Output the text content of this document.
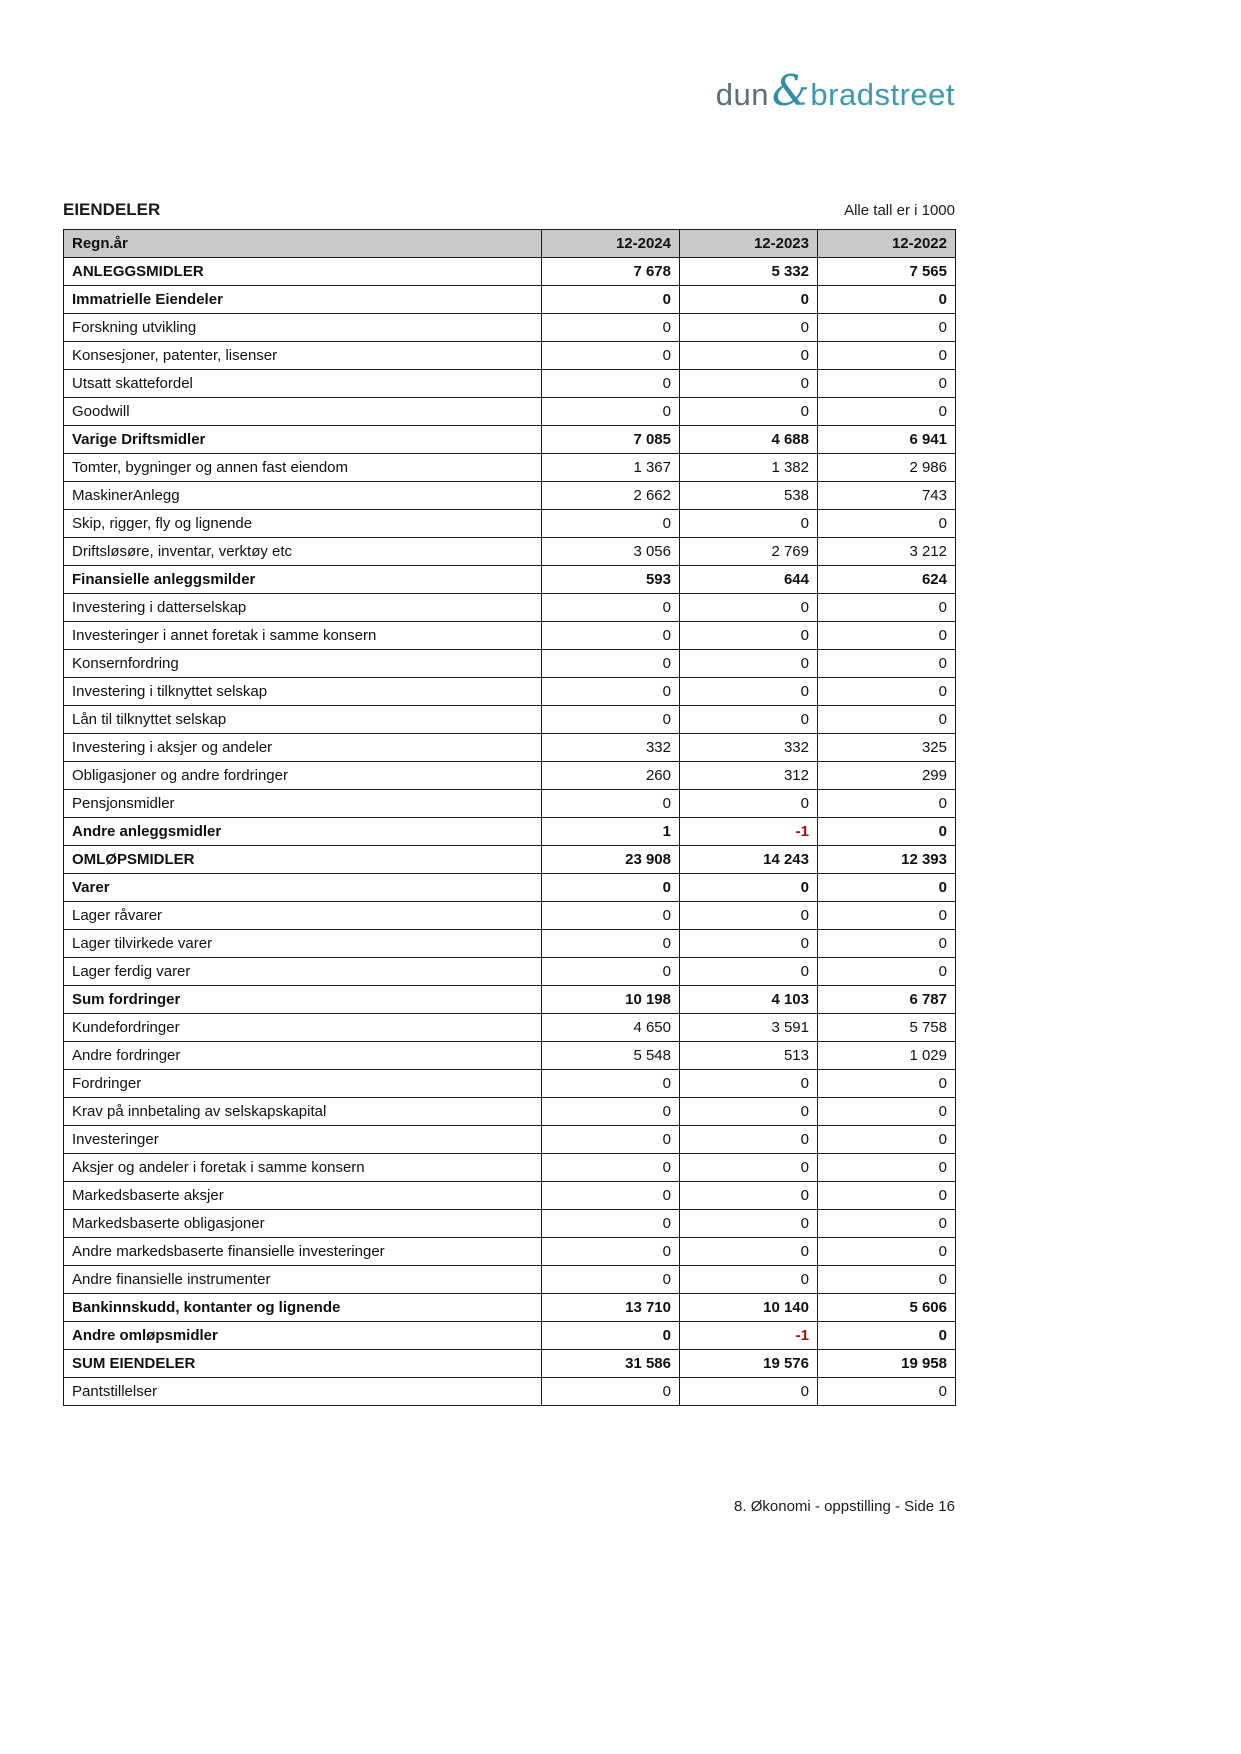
dun & bradstreet
EIENDELER	Alle tall er i 1000
Regn.år	12-2024	12-2023	12-2022
ANLEGGSMIDLER	7 678	5 332	7 565
Immatrielle Eiendeler	0	0	0
Forskning utvikling	0	0	0
Konsesjoner, patenter, lisenser	0	0	0
Utsatt skattefordel	0	0	0
Goodwill	0	0	0
Varige Driftsmidler	7 085	4 688	6 941
Tomter, bygninger og annen fast eiendom	1 367	1 382	2 986
MaskinerAnlegg	2 662	538	743
Skip, rigger, fly og lignende	0	0	0
Driftsløsøre, inventar, verktøy etc	3 056	2 769	3 212
Finansielle anleggsmilder	593	644	624
Investering i datterselskap	0	0	0
Investeringer i annet foretak i samme konsern	0	0	0
Konsernfordring	0	0	0
Investering i tilknyttet selskap	0	0	0
Lån til tilknyttet selskap	0	0	0
Investering i aksjer og andeler	332	332	325
Obligasjoner og andre fordringer	260	312	299
Pensjonsmidler	0	0	0
Andre anleggsmidler	1	-1	0
OMLØPSMIDLER	23 908	14 243	12 393
Varer	0	0	0
Lager råvarer	0	0	0
Lager tilvirkede varer	0	0	0
Lager ferdig varer	0	0	0
Sum fordringer	10 198	4 103	6 787
Kundefordringer	4 650	3 591	5 758
Andre fordringer	5 548	513	1 029
Fordringer	0	0	0
Krav på innbetaling av selskapskapital	0	0	0
Investeringer	0	0	0
Aksjer og andeler i foretak i samme konsern	0	0	0
Markedsbaserte aksjer	0	0	0
Markedsbaserte obligasjoner	0	0	0
Andre markedsbaserte finansielle investeringer	0	0	0
Andre finansielle instrumenter	0	0	0
Bankinnskudd, kontanter og lignende	13 710	10 140	5 606
Andre omløpsmidler	0	-1	0
SUM EIENDELER	31 586	19 576	19 958
Pantstillelser	0	0	0
8. Økonomi - oppstilling - Side 16
